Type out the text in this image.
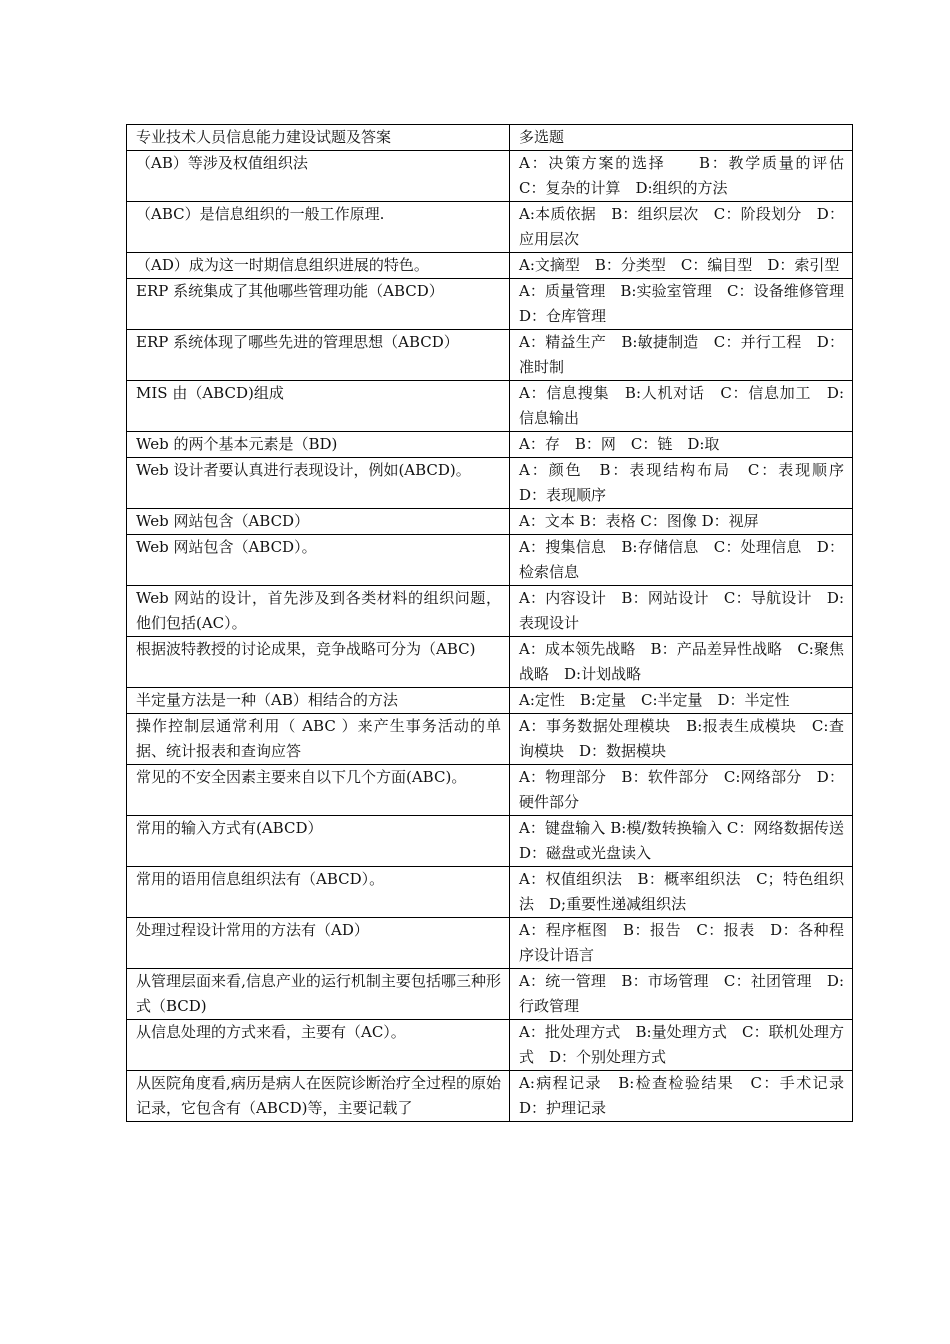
专业技术人员信息能力建设试题及答案	多选题
（AB）等涉及权值组织法	A：决策方案的选择　　B：教学质量的评估　　C：复杂的计算　D:组织的方法
（ABC）是信息组织的一般工作原理.	A:本质依据　B：组织层次　C：阶段划分　D：应用层次
（AD）成为这一时期信息组织进展的特色。	A:文摘型　B：分类型　C：编目型　D：索引型
ERP 系统集成了其他哪些管理功能（ABCD）	A：质量管理　B:实验室管理　C：设备维修管理　D：仓库管理
ERP 系统体现了哪些先进的管理思想（ABCD）	A：精益生产　B:敏捷制造　C：并行工程　D：准时制
MIS 由（ABCD)组成	A：信息搜集　B:人机对话　C：信息加工　D:信息输出
Web 的两个基本元素是（BD)	A：存　B：网　C：链　D:取
Web 设计者要认真进行表现设计，例如(ABCD)。	A：颜色　B：表现结构布局　C：表现顺序　D：表现顺序
Web 网站包含（ABCD）	A：文本 B：表格 C：图像 D：视屏
Web 网站包含（ABCD）。	A：搜集信息　B:存储信息　C：处理信息　D：检索信息
Web 网站的设计，首先涉及到各类材料的组织问题，他们包括(AC）。	A：内容设计　B：网站设计　C：导航设计　D:表现设计
根据波特教授的讨论成果，竞争战略可分为（ABC)	A：成本领先战略　B：产品差异性战略　C:聚焦战略　D:计划战略
半定量方法是一种（AB）相结合的方法	A:定性　B:定量　C:半定量　D：半定性
操作控制层通常利用（ ABC ）来产生事务活动的单据、统计报表和查询应答	A：事务数据处理模块　B:报表生成模块　C:查询模块　D：数据模块
常见的不安全因素主要来自以下几个方面(ABC)。	A：物理部分　B：软件部分　C:网络部分　D：硬件部分
常用的输入方式有(ABCD）	A：键盘输入 B:模/数转换输入 C：网络数据传送 D：磁盘或光盘读入
常用的语用信息组织法有（ABCD）。	A：权值组织法　B：概率组织法　C；特色组织法　D;重要性递减组织法
处理过程设计常用的方法有（AD）	A：程序框图　B：报告　C：报表　D：各种程序设计语言
从管理层面来看,信息产业的运行机制主要包括哪三种形式（BCD)	A：统一管理　B：市场管理　C：社团管理　D:行政管理
从信息处理的方式来看，主要有（AC）。	A：批处理方式　B:量处理方式　C：联机处理方式　D：个别处理方式
从医院角度看,病历是病人在医院诊断治疗全过程的原始记录，它包含有（ABCD)等，主要记载了	A:病程记录　B:检查检验结果　C：手术记录　D：护理记录
